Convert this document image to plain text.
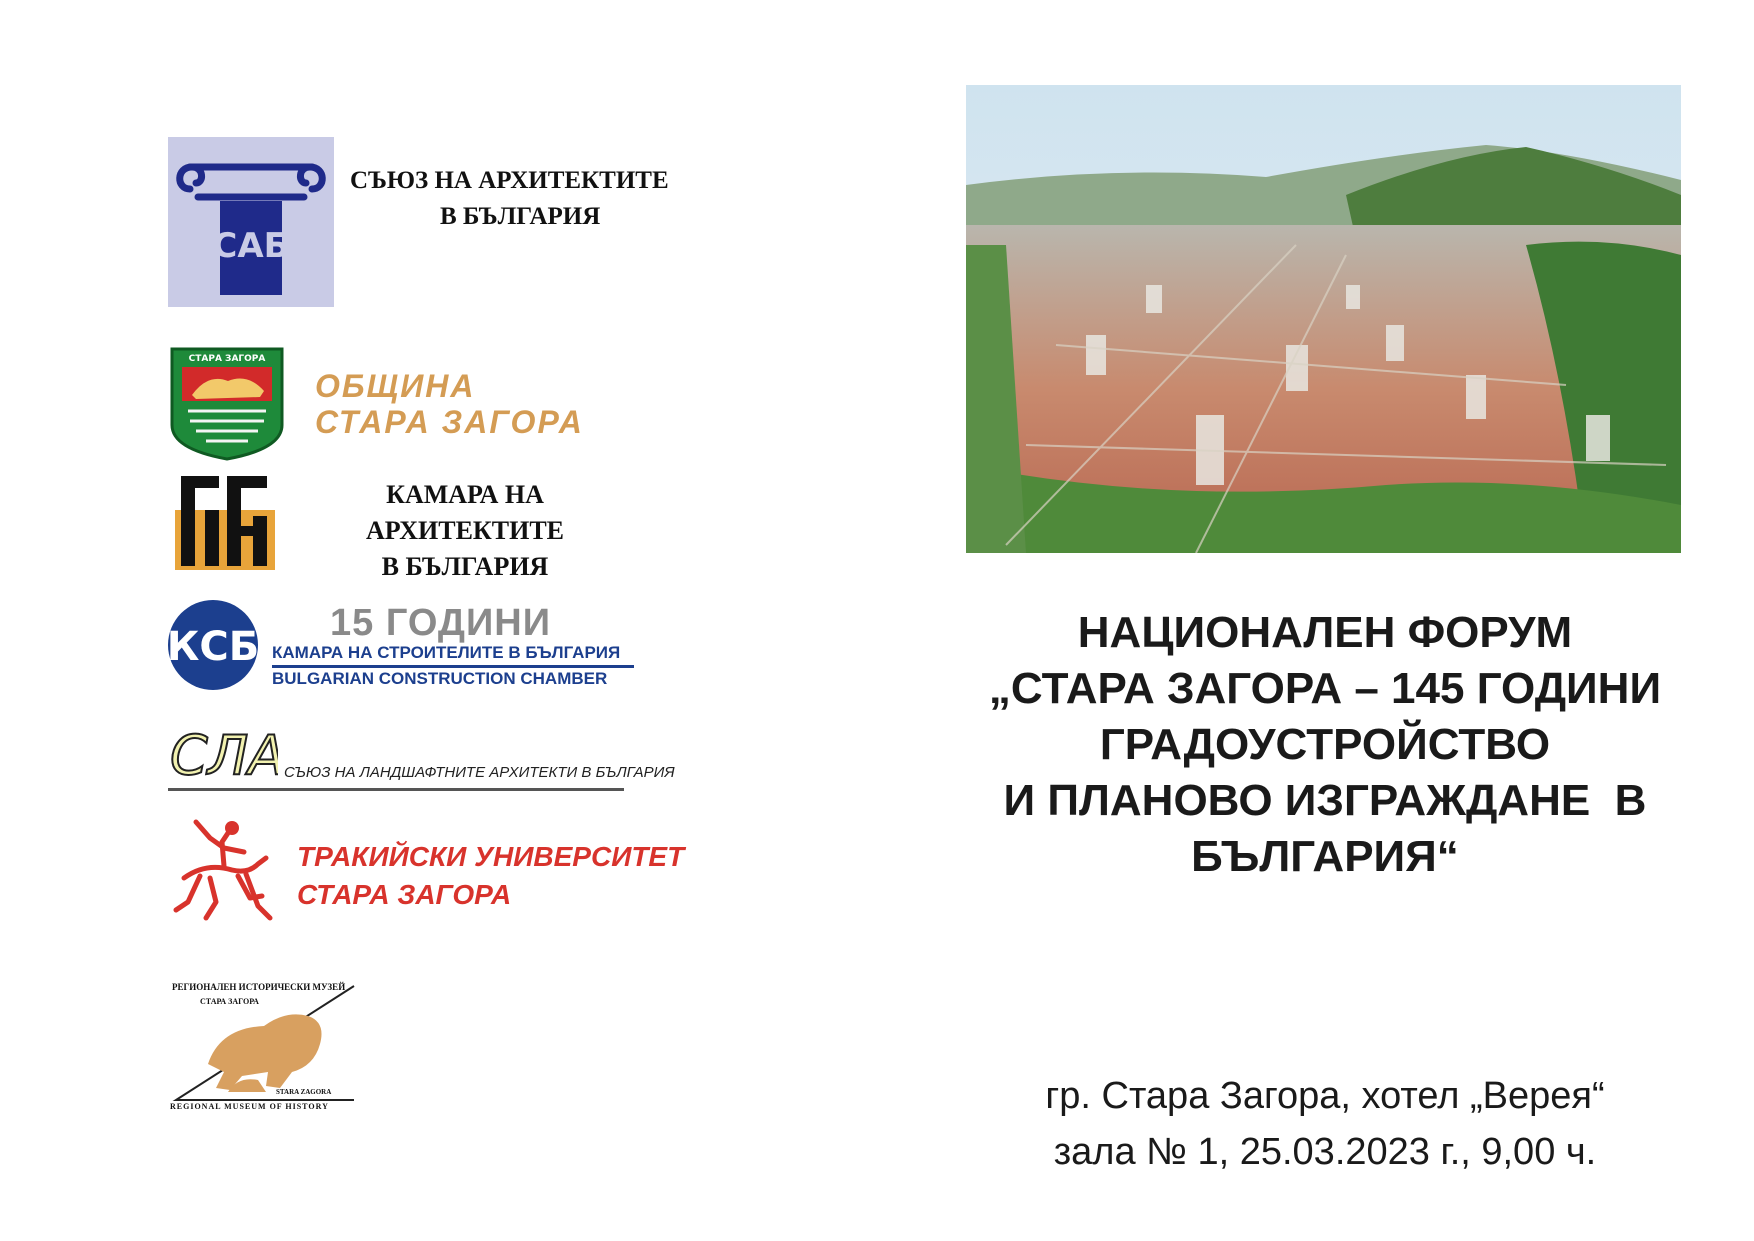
САБ
СЪЮЗ НА АРХИТЕКТИТЕ
В БЪЛГАРИЯ
СТАРА ЗАГОРА
ОБЩИНА
СТАРА ЗАГОРА
КАМАРА НА
АРХИТЕКТИТЕ
В БЪЛГАРИЯ
КСБ
15 ГОДИНИ
КАМАРА НА СТРОИТЕЛИТЕ В БЪЛГАРИЯ
BULGARIAN CONSTRUCTION CHAMBER
СЛА
СЪЮЗ НА ЛАНДШАФТНИТЕ АРХИТЕКТИ В БЪЛГАРИЯ
ТРАКИЙСКИ УНИВЕРСИТЕТ
СТАРА ЗАГОРА
РЕГИОНАЛЕН ИСТОРИЧЕСКИ МУЗЕЙ
СТАРА ЗАГОРА
STARA ZAGORA
REGIONAL MUSEUM OF HISTORY
НАЦИОНАЛЕН ФОРУМ
„СТАРА ЗАГОРА – 145 ГОДИНИ
ГРАДОУСТРОЙСТВО
И ПЛАНОВО ИЗГРАЖДАНЕ  В
БЪЛГАРИЯ“
гр. Стара Загора, хотел „Верея“
зала № 1, 25.03.2023 г., 9,00 ч.
